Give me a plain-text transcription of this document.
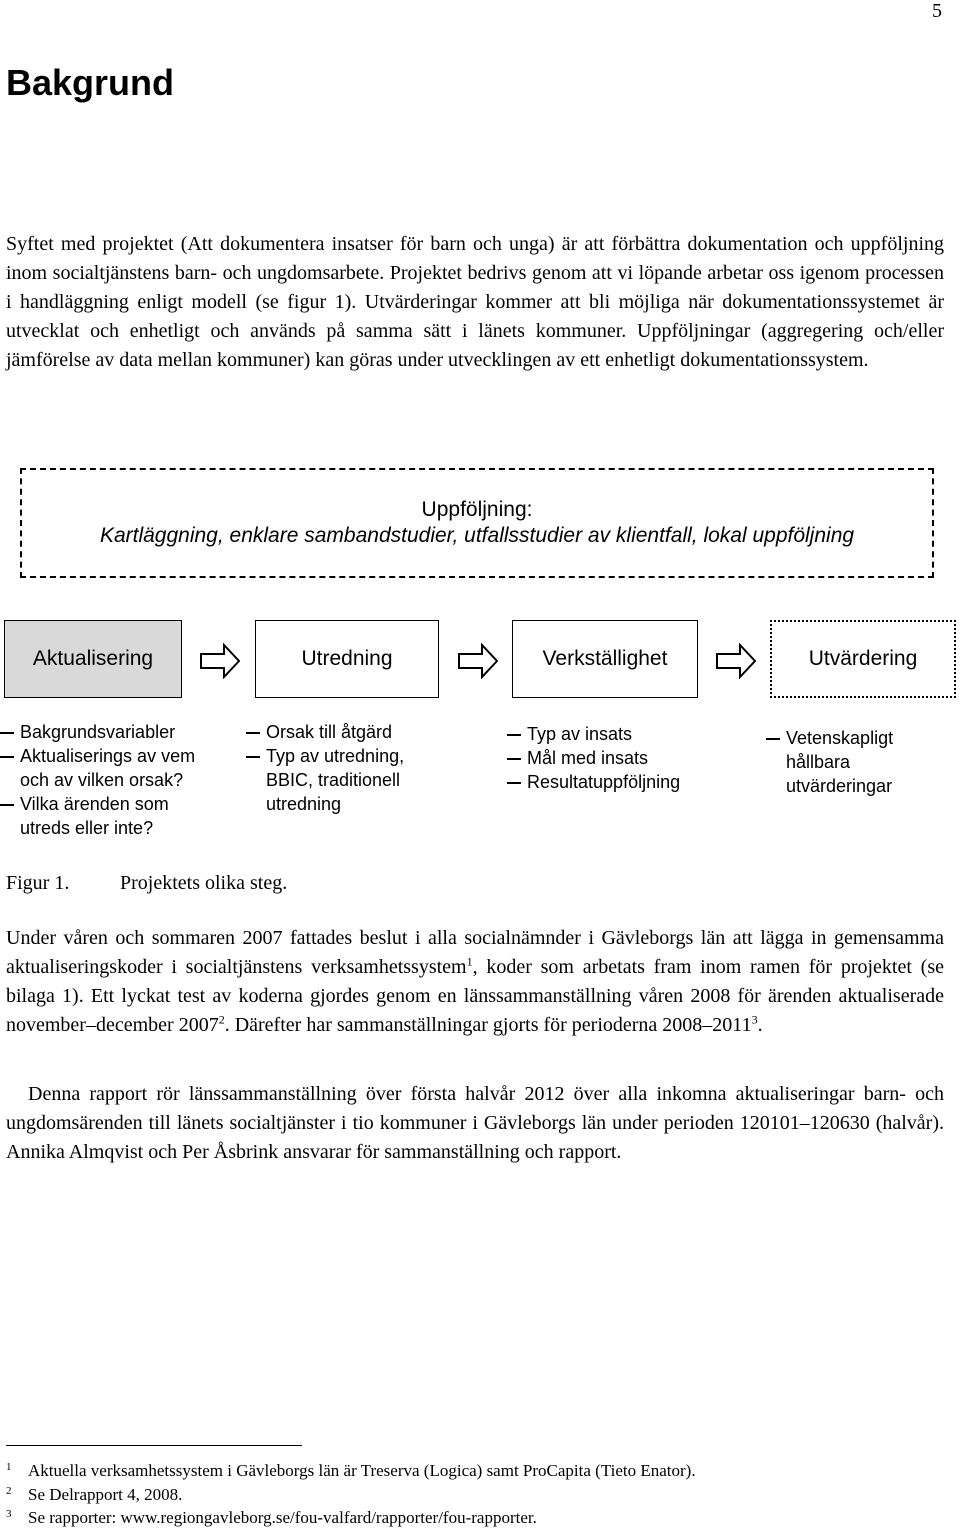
5
Bakgrund

Syftet med projektet (Att dokumentera insatser för barn och unga) är att förbättra dokumentation och uppföljning inom socialtjänstens barn- och ungdomsarbete. Projektet bedrivs genom att vi löpande arbetar oss igenom processen i handläggning enligt modell (se figur 1). Utvärderingar kommer att bli möjliga när dokumentationssystemet är utvecklat och enhetligt och används på samma sätt i länets kommuner. Uppföljningar (aggregering och/eller jämförelse av data mellan kommuner) kan göras under utvecklingen av ett enhetligt dokumentationssystem.

Uppföljning:
Kartläggning, enklare sambandstudier, utfallsstudier av klientfall, lokal uppföljning
Aktualisering	Utredning	Verkställighet	Utvärdering
Bakgrundsvariabler
Aktualiserings av vem och av vilken orsak?
Vilka ärenden som utreds eller inte?
Orsak till åtgärd
Typ av utredning, BBIC, traditionell utredning
Typ av insats
Mål med insats
Resultatuppföljning
Vetenskapligt hållbara utvärderingar
Figur 1.	Projektets olika steg.

Under våren och sommaren 2007 fattades beslut i alla socialnämnder i Gävleborgs län att lägga in gemensamma aktualiseringskoder i socialtjänstens verksamhetssystem$^1$, koder som arbetats fram inom ramen för projektet (se bilaga 1). Ett lyckat test av koderna gjordes genom en länssammanställning våren 2008 för ärenden aktualiserade november–december 2007$^2$. Därefter har sammanställningar gjorts för perioderna 2008–2011$^3$.

Denna rapport rör länssammanställning över första halvår 2012 över alla inkomna aktualiseringar barn- och ungdomsärenden till länets socialtjänster i tio kommuner i Gävleborgs län under perioden 120101–120630 (halvår). Annika Almqvist och Per Åsbrink ansvarar för sammanställning och rapport.

$^1$ Aktuella verksamhetssystem i Gävleborgs län är Treserva (Logica) samt ProCapita (Tieto Enator).
$^2$ Se Delrapport 4, 2008.
$^3$ Se rapporter: www.regiongavleborg.se/fou-valfard/rapporter/fou-rapporter.
